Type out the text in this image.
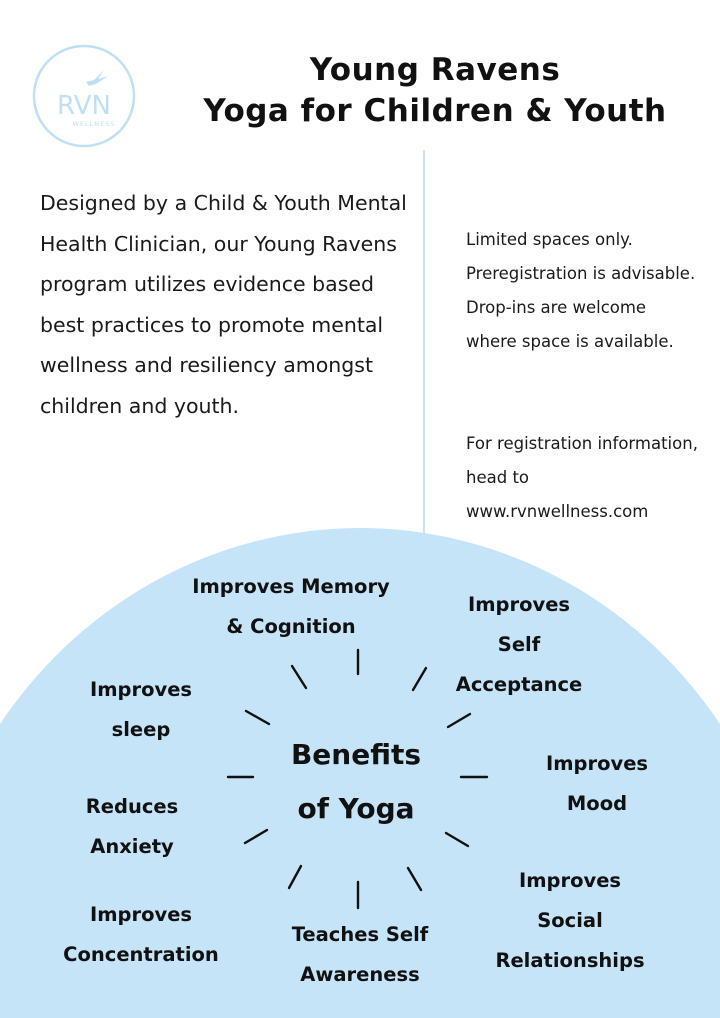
RVN
WELLNESS
Young Ravens
Yoga for Children & Youth

Designed by a Child & Youth Mental Health Clinician, our Young Ravens program utilizes evidence based best practices to promote mental wellness and resiliency amongst children and youth.

Limited spaces only. Preregistration is advisable. Drop-ins are welcome where space is available.

For registration information, head to www.rvnwellness.com

Benefits
of Yoga
Improves Memory
& Cognition
Improves
Self
Acceptance
Improves
sleep
Improves
Mood
Reduces
Anxiety
Improves
Social
Relationships
Improves
Concentration
Teaches Self
Awareness
